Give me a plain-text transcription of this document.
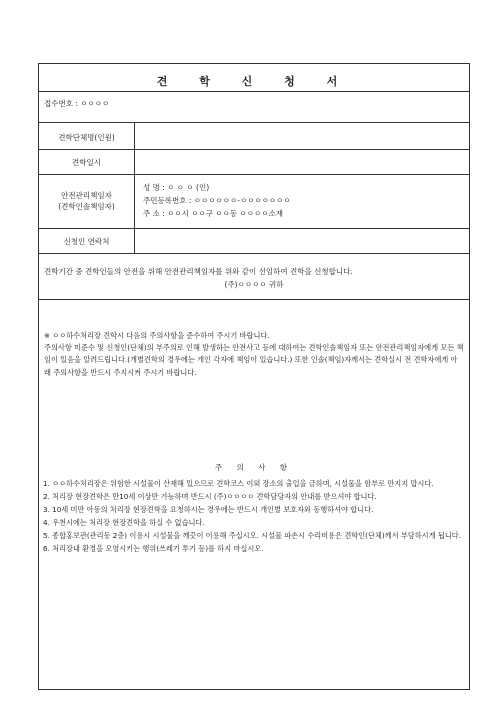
견 학 신 청 서
접수번호 : ㅇㅇㅇㅇ
견학단체명(인원)
견학일시
안전관리책임자
(견학인솔책임자)
성 명 : ㅇ ㅇ ㅇ (인)
주민등록번호 : ㅇㅇㅇㅇㅇㅇ-ㅇㅇㅇㅇㅇㅇㅇ
주 소 : ㅇㅇ시 ㅇㅇ구 ㅇㅇ동 ㅇㅇㅇㅇ소재
신청인 연락처
견학기간 중 견학인들의 안전을 위해 안전관리책임자를 위와 같이 선임하여 견학을 신청합니다.
(주)ㅇㅇㅇㅇ 귀하
※ ㅇㅇ하수처리장 견학시 다음의 주의사항을 준수하여 주시기 바랍니다.
주의사항 미준수 및 신청인(단체)의 부주의로 인해 발생하는 안전사고 등에 대하여는 견학인솔책임자 또는 안전관리책임자에게 모든 책임이 있음을 알려드립니다.(개별견학의 경우에는 개인 각자에 책임이 있습니다.) 또한 인솔(책임)자께서는 견학실시 전 견학자에게 아래 주의사항을 반드시 주지시켜 주시기 바랍니다.
주 의 사 항
1. ㅇㅇ하수처리장은 위험한 시설물이 산재해 있으므로 견학코스 이외 장소의 출입을 금하며, 시설물을 함부로 만지지 맙시다.
2. 처리장 현장견학은 만10세 이상만 가능하며 반드시 (주)ㅇㅇㅇㅇ 견학담당자의 안내를 받으셔야 합니다.
3. 10세 미만 아동의 처리장 현장견학을 요청하시는 경우에는 반드시 개인별 보호자와 동행하셔야 합니다.
4. 우천시에는 처리장 현장견학을 하실 수 없습니다.
5. 종합홍보관(관리동 2층) 이용시 시설물을 깨끗이 이용해 주십시오. 시설물 파손시 수리비용은 견학인(단체)께서 부담하시게 됩니다.
6. 처리장내 환경을 오염시키는 행위(쓰레기 투기 등)를 하지 마십시오.
